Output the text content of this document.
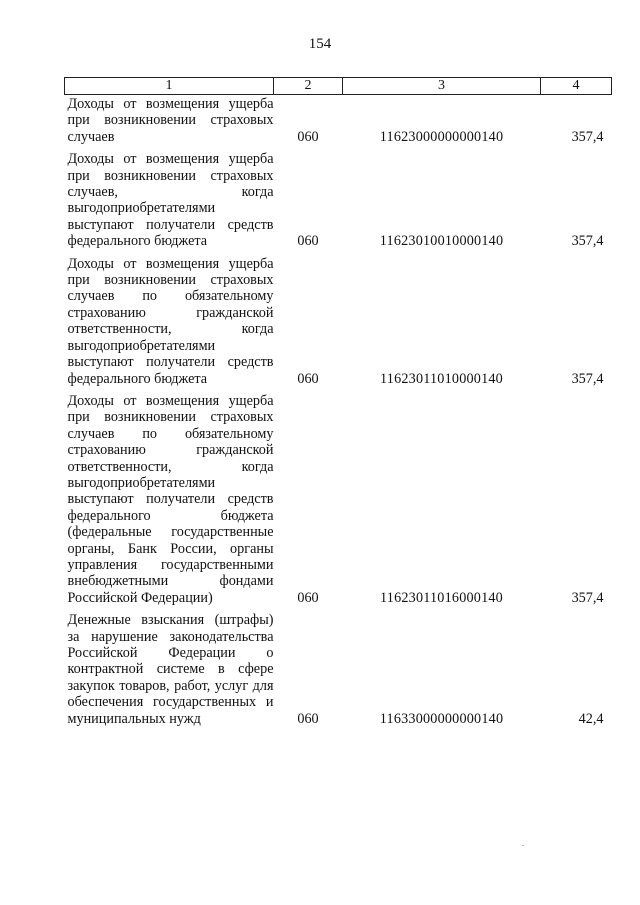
154
1	2	3	4
Доходы от возмещения ущерба при возникновении страховых случаев	060	11623000000000140	357,4
Доходы от возмещения ущерба при возникновении страховых случаев, когда выгодоприобретателями выступают получатели средств федерального бюджета	060	11623010010000140	357,4
Доходы от возмещения ущерба при возникновении страховых случаев по обязательному страхованию гражданской ответственности, когда выгодоприобретателями выступают получатели средств федерального бюджета	060	11623011010000140	357,4
Доходы от возмещения ущерба при возникновении страховых случаев по обязательному страхованию гражданской ответственности, когда выгодоприобретателями выступают получатели средств федерального бюджета (федеральные государственные органы, Банк России, органы управления государственными внебюджетными фондами Российской Федерации)	060	11623011016000140	357,4
Денежные взыскания (штрафы) за нарушение законодательства Российской Федерации о контрактной системе в сфере закупок товаров, работ, услуг для обеспечения государственных и муниципальных нужд	060	11633000000000140	42,4
